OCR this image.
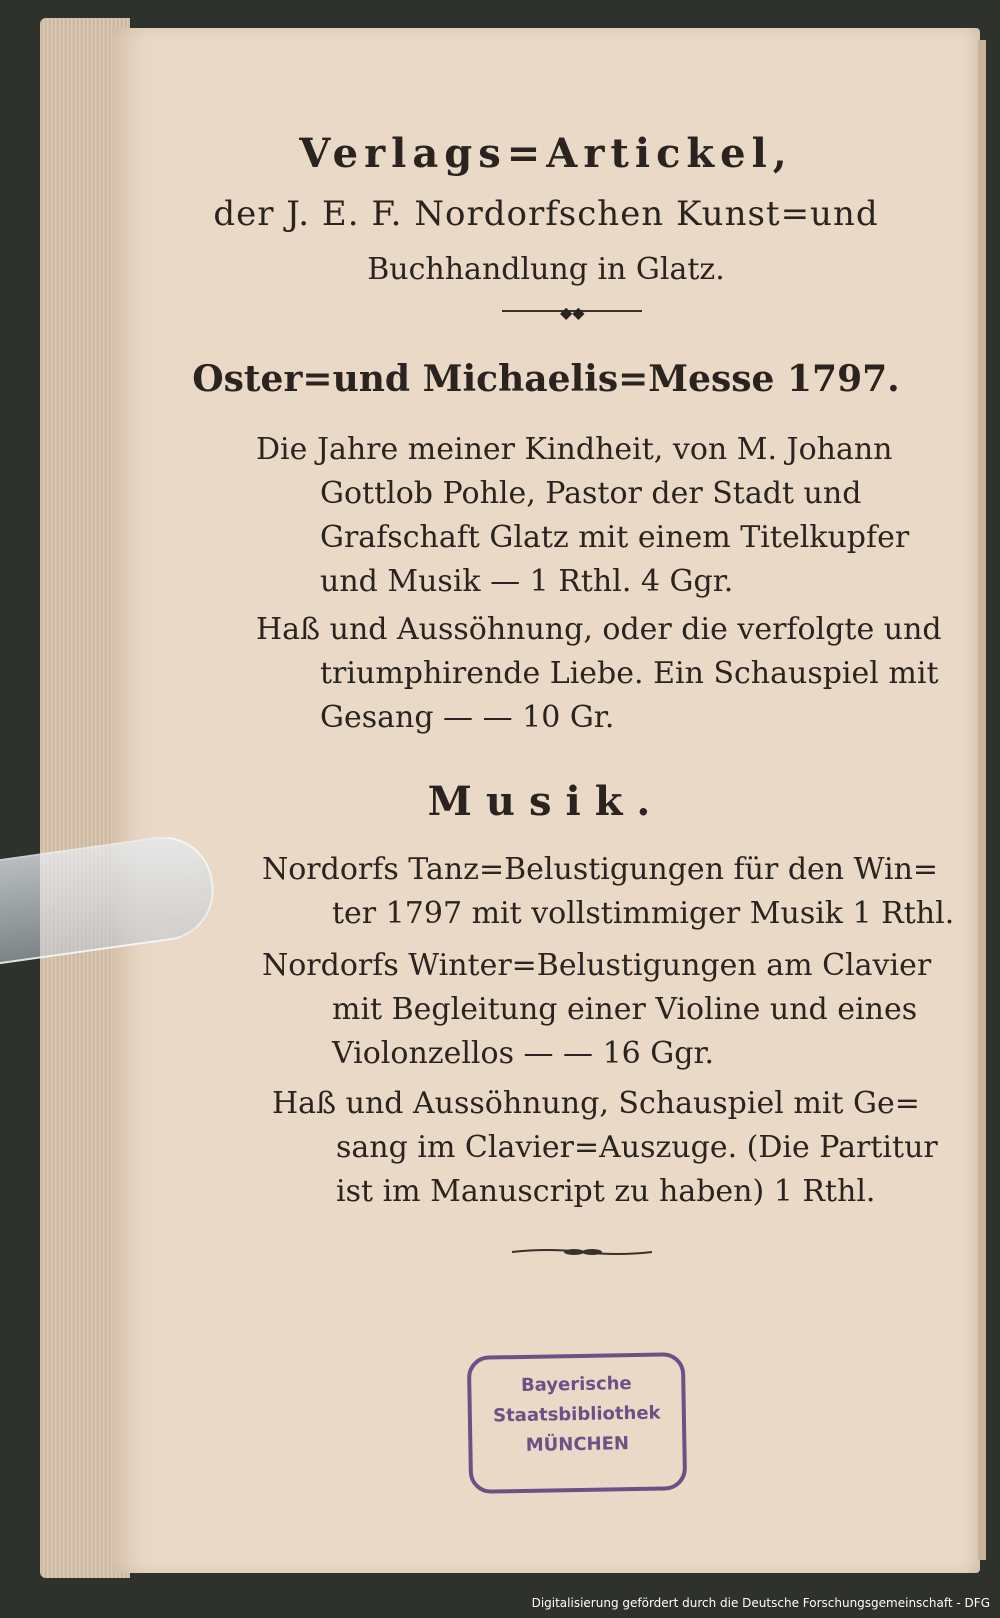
Verlags=Artickel,
der J. E. F. Nordorfschen Kunst=und
Buchhandlung in Glatz.
◆◆
Oster=und Michaelis=Messe 1797.
Die Jahre meiner Kindheit, von M. Johann
Gottlob Pohle, Pastor der Stadt und
Grafschaft Glatz mit einem Titelkupfer
und Musik — 1 Rthl. 4 Ggr.
Haß und Aussöhnung, oder die verfolgte und
triumphirende Liebe. Ein Schauspiel mit
Gesang — — 10 Gr.
Musik.
Nordorfs Tanz=Belustigungen für den Win=
ter 1797 mit vollstimmiger Musik 1 Rthl.
Nordorfs Winter=Belustigungen am Clavier
mit Begleitung einer Violine und eines
Violonzellos — — 16 Ggr.
Haß und Aussöhnung, Schauspiel mit Ge=
sang im Clavier=Auszuge. (Die Partitur
ist im Manuscript zu haben) 1 Rthl.
Bayerische
Staatsbibliothek
MÜNCHEN
Digitalisierung gefördert durch die Deutsche Forschungsgemeinschaft - DFG
